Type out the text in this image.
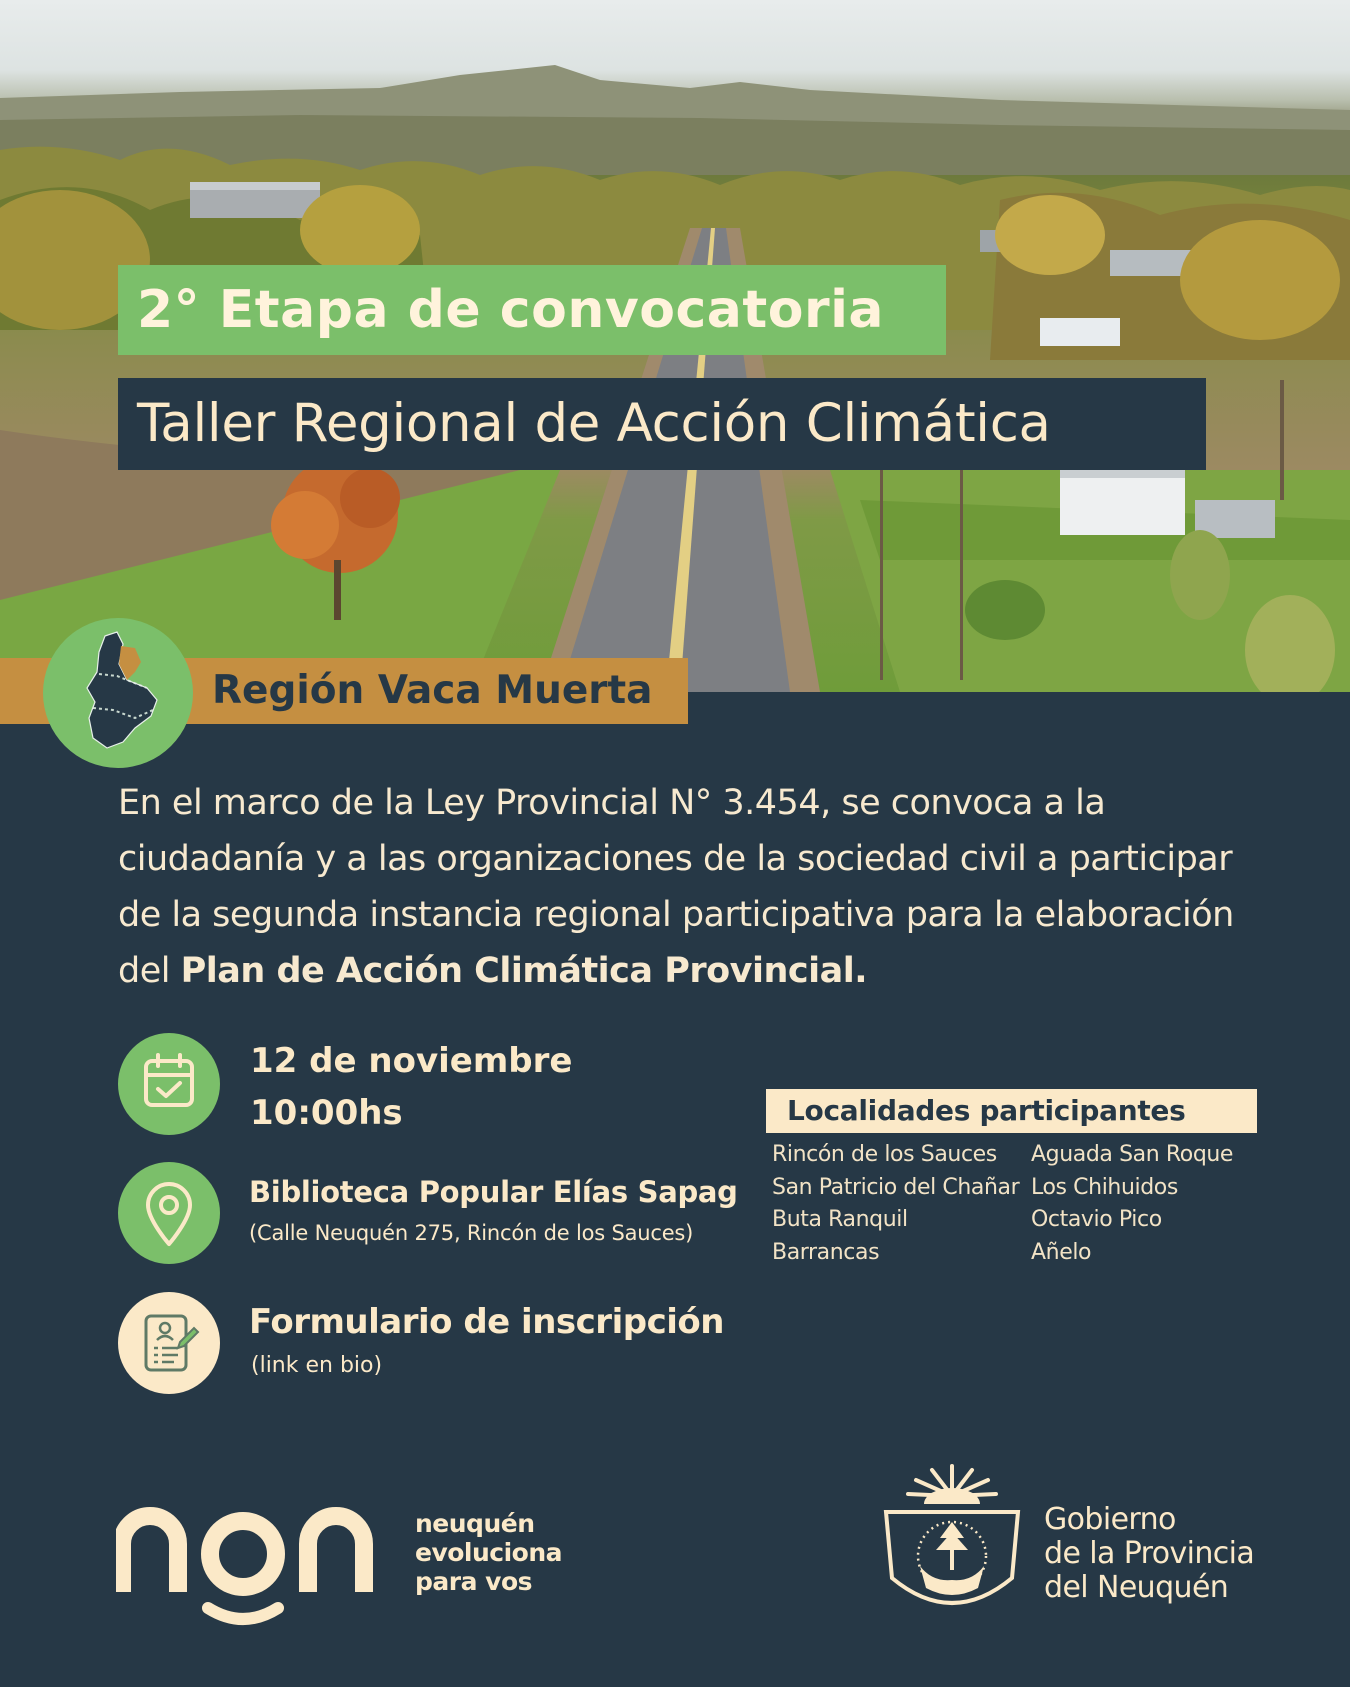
2° Etapa de convocatoria
Taller Regional de Acción Climática
Región Vaca Muerta

En el marco de la Ley Provincial N° 3.454, se convoca a la ciudadanía y a las organizaciones de la sociedad civil a participar de la segunda instancia regional participativa para la elaboración del Plan de Acción Climática Provincial.

12 de noviembre
10:00hs
Biblioteca Popular Elías Sapag
(Calle Neuquén 275, Rincón de los Sauces)
Formulario de inscripción
(link en bio)
Localidades participantes
Rincón de los Sauces
San Patricio del Chañar
Buta Ranquil
Barrancas
Aguada San Roque
Los Chihuidos
Octavio Pico
Añelo
neuquén
evoluciona
para vos
Gobierno
de la Provincia
del Neuquén
